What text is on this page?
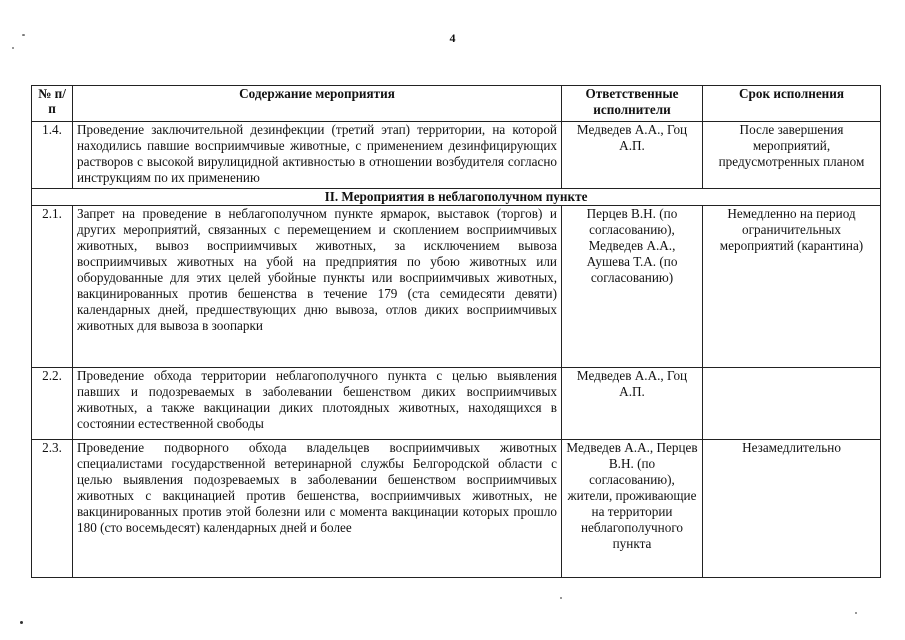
4
№ п/п	Содержание мероприятия	Ответственные исполнители	Срок исполнения
1.4.	Проведение заключительной дезинфекции (третий этап) территории, на которой находились павшие восприимчивые животные, с применением дезинфицирующих растворов с высокой вирулицидной активностью в отношении возбудителя согласно инструкциям по их применению	Медведев А.А., Гоц А.П.	После завершения мероприятий, предусмотренных планом
II. Мероприятия в неблагополучном пункте			
2.1.	Запрет на проведение в неблагополучном пункте ярмарок, выставок (торгов) и других мероприятий, связанных с перемещением и скоплением восприимчивых животных, вывоз восприимчивых животных, за исключением вывоза восприимчивых животных на убой на предприятия по убою животных или оборудованные для этих целей убойные пункты или восприимчивых животных, вакцинированных против бешенства в течение 179 (ста семидесяти девяти) календарных дней, предшествующих дню вывоза, отлов диких восприимчивых животных для вывоза в зоопарки	Перцев В.Н. (по согласованию), Медведев А.А., Аушева Т.А. (по согласованию)	Немедленно на период ограничительных мероприятий (карантина)
2.2.	Проведение обхода территории неблагополучного пункта с целью выявления павших и подозреваемых в заболевании бешенством диких восприимчивых животных, а также вакцинации диких плотоядных животных, находящихся в состоянии естественной свободы	Медведев А.А., Гоц А.П.	
2.3.	Проведение подворного обхода владельцев восприимчивых животных специалистами государственной ветеринарной службы Белгородской области с целью выявления подозреваемых в заболевании бешенством восприимчивых животных с вакцинацией против бешенства, восприимчивых животных, не вакцинированных против этой болезни или с момента вакцинации которых прошло 180 (сто восемьдесят) календарных дней и более	Медведев А.А., Перцев В.Н. (по согласованию), жители, проживающие на территории неблагополучного пункта	Незамедлительно
